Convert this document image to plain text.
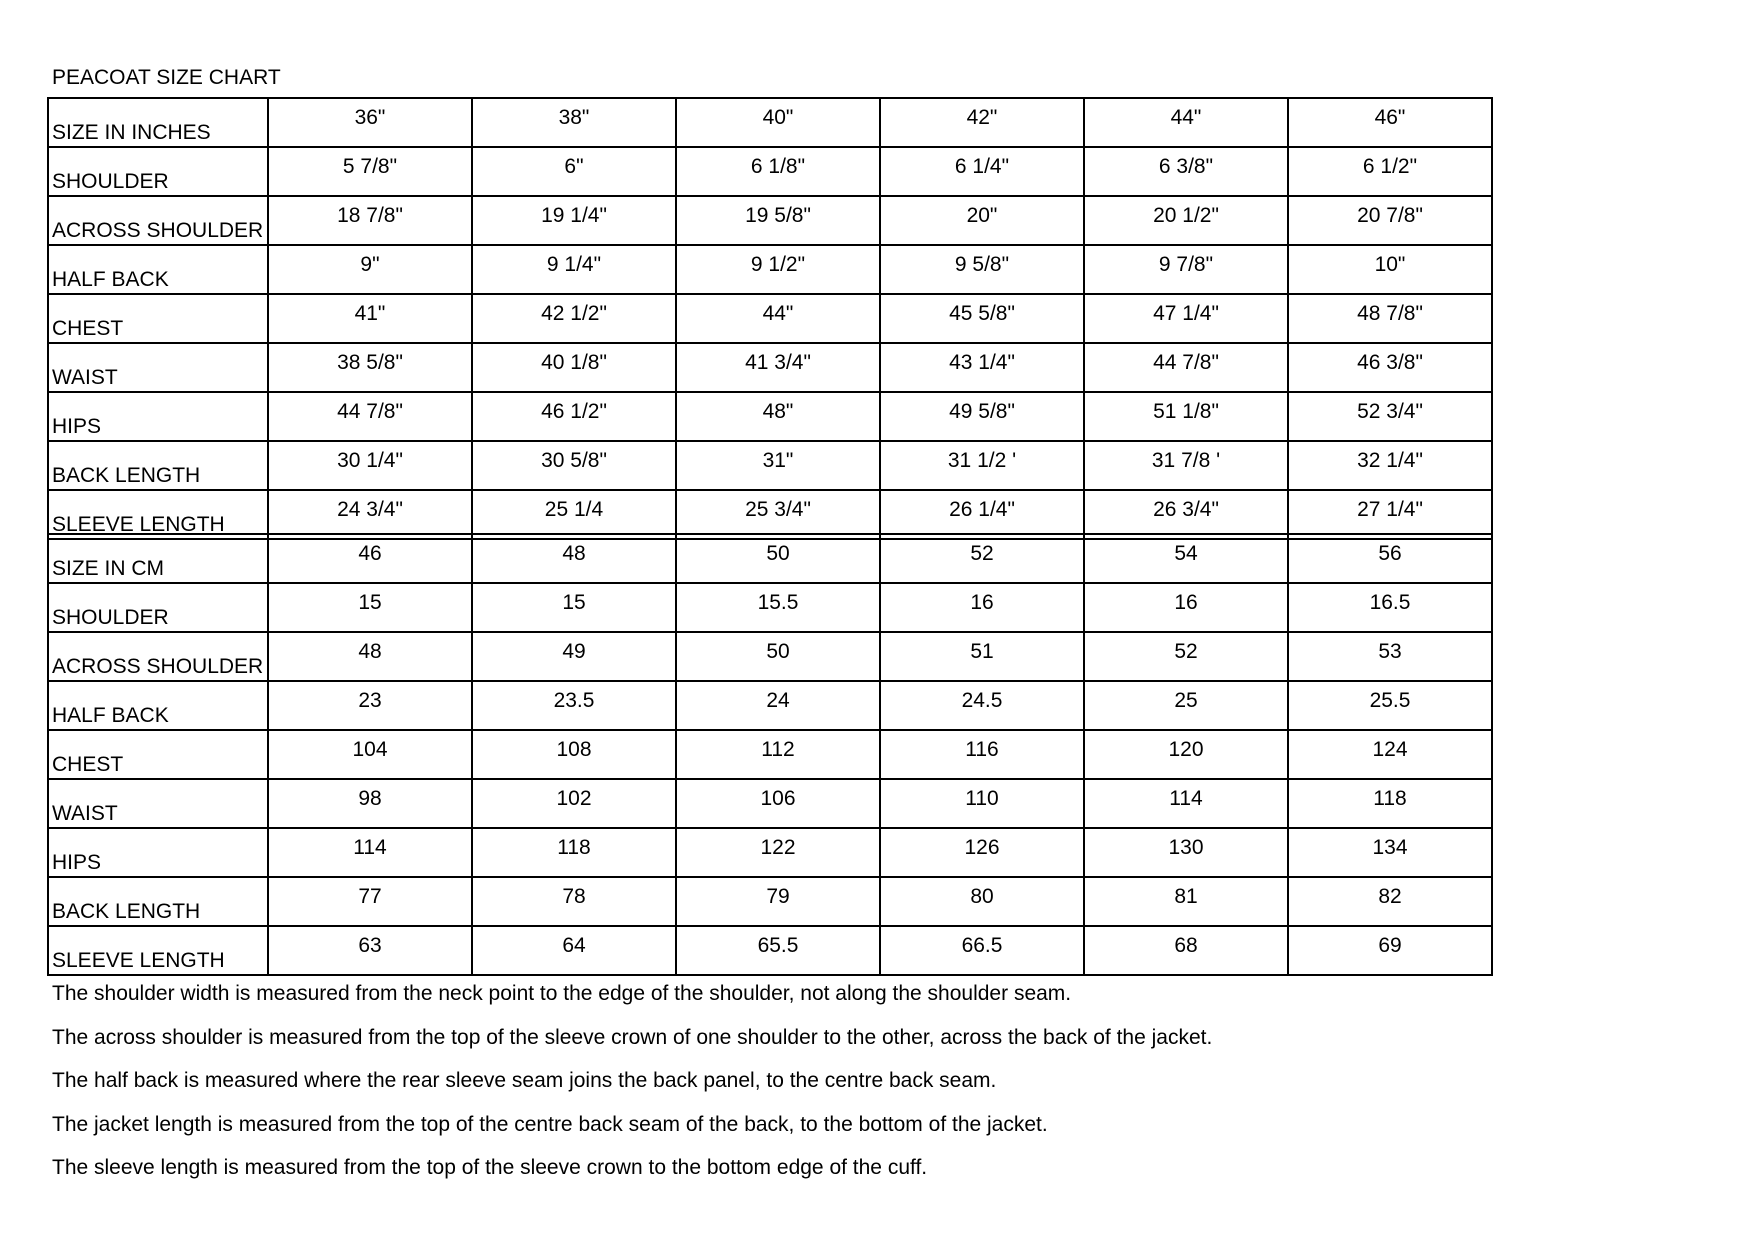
PEACOAT SIZE CHART
SIZE IN INCHES	36"	38"	40"	42"	44"	46"
SHOULDER	5 7/8"	6"	6 1/8"	6 1/4"	6 3/8"	6 1/2"
ACROSS SHOULDER	18 7/8"	19 1/4"	19 5/8"	20"	20 1/2"	20 7/8"
HALF BACK	9"	9 1/4"	9 1/2"	9 5/8"	9 7/8"	10"
CHEST	41"	42 1/2"	44"	45 5/8"	47 1/4"	48 7/8"
WAIST	38 5/8"	40 1/8"	41 3/4"	43 1/4"	44 7/8"	46 3/8"
HIPS	44 7/8"	46 1/2"	48"	49 5/8"	51 1/8"	52 3/4"
BACK LENGTH	30 1/4"	30 5/8"	31"	31 1/2 '	31 7/8 '	32 1/4"
SLEEVE LENGTH	24 3/4"	25 1/4	25 3/4"	26 1/4"	26 3/4"	27 1/4"
SIZE IN CM	46	48	50	52	54	56
SHOULDER	15	15	15.5	16	16	16.5
ACROSS SHOULDER	48	49	50	51	52	53
HALF BACK	23	23.5	24	24.5	25	25.5
CHEST	104	108	112	116	120	124
WAIST	98	102	106	110	114	118
HIPS	114	118	122	126	130	134
BACK LENGTH	77	78	79	80	81	82
SLEEVE LENGTH	63	64	65.5	66.5	68	69
The shoulder width is measured from the neck point to the edge of the shoulder, not along the shoulder seam.
The across shoulder is measured from the top of the sleeve crown of one shoulder to the other, across the back of the jacket.
The half back is measured where the rear sleeve seam joins the back panel, to the centre back seam.
The jacket length is measured from the top of the centre back seam of the back, to the bottom of the jacket.
The sleeve length is measured from the top of the sleeve crown to the bottom edge of the cuff.
